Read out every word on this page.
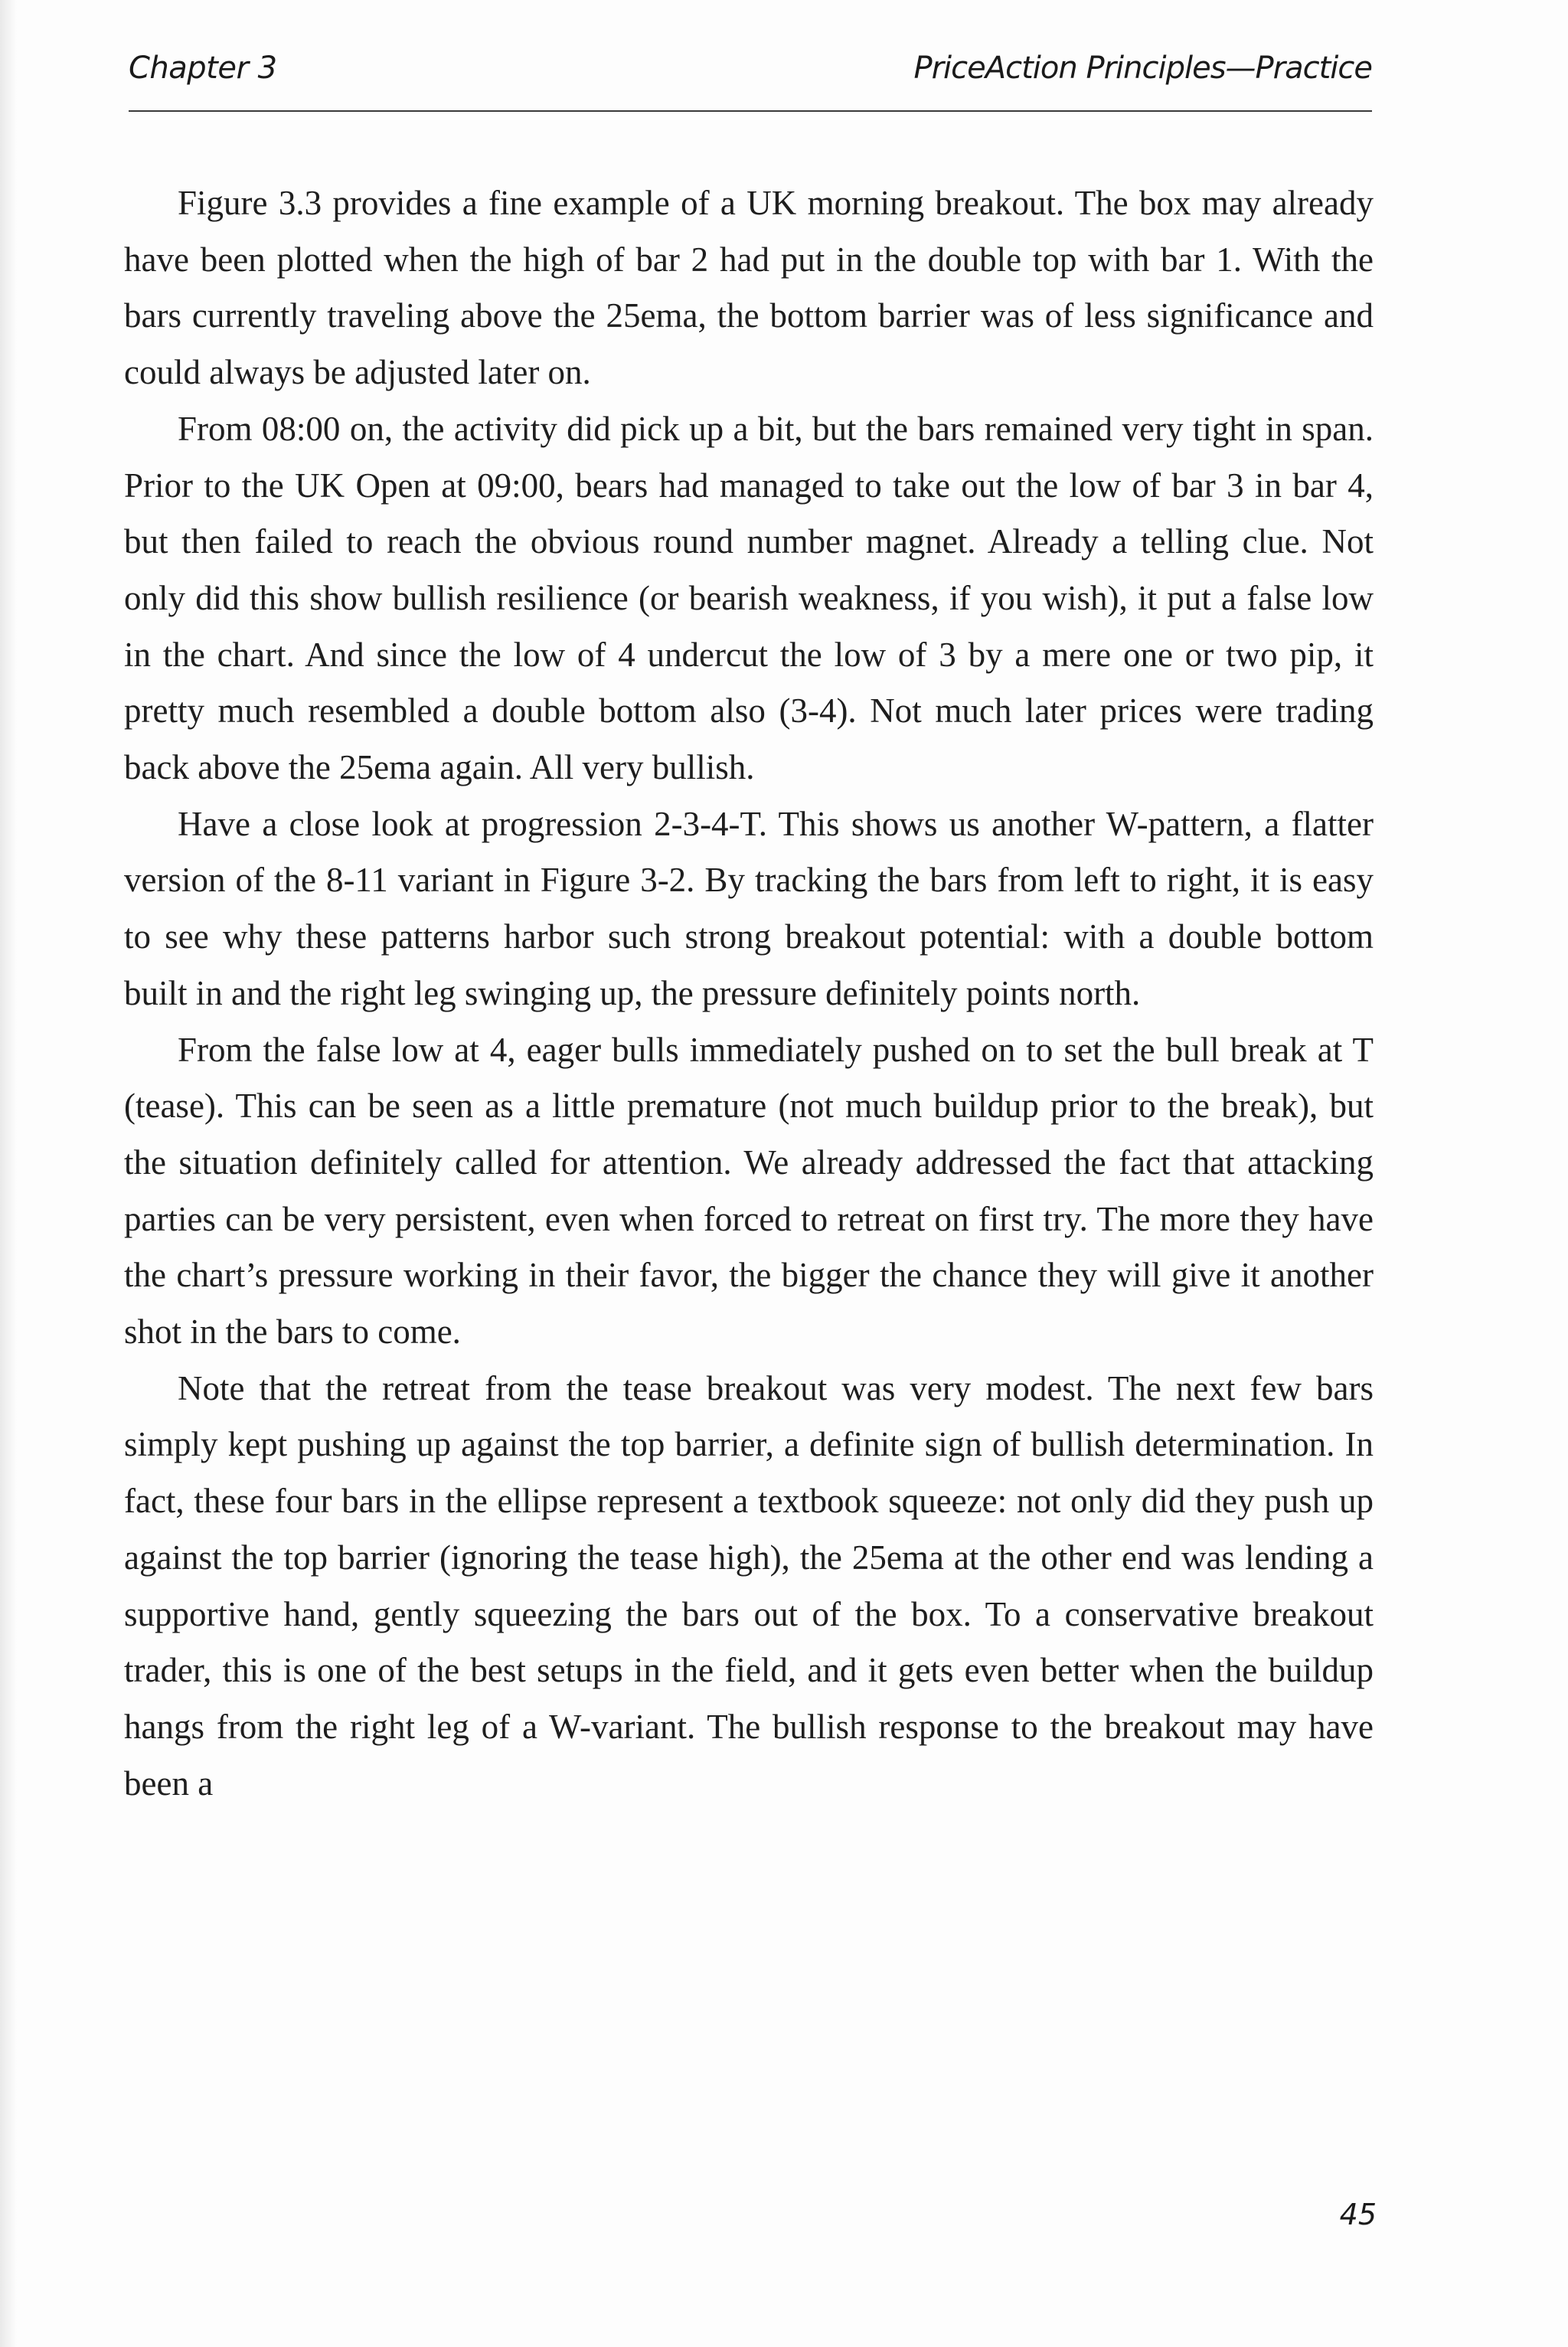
Chapter 3	PriceAction Principles—Practice

Figure 3.3 provides a fine example of a UK morning breakout. The box may already have been plotted when the high of bar 2 had put in the double top with bar 1. With the bars currently traveling above the 25ema, the bottom barrier was of less significance and could always be adjusted later on.

From 08:00 on, the activity did pick up a bit, but the bars remained very tight in span. Prior to the UK Open at 09:00, bears had managed to take out the low of bar 3 in bar 4, but then failed to reach the obvious round number magnet. Already a telling clue. Not only did this show bullish resilience (or bearish weakness, if you wish), it put a false low in the chart. And since the low of 4 undercut the low of 3 by a mere one or two pip, it pretty much resembled a double bottom also (3-4). Not much later prices were trading back above the 25ema again. All very bullish.

Have a close look at progression 2-3-4-T. This shows us another W-pattern, a flatter version of the 8-11 variant in Figure 3-2. By tracking the bars from left to right, it is easy to see why these patterns harbor such strong breakout potential: with a double bottom built in and the right leg swinging up, the pressure definitely points north.

From the false low at 4, eager bulls immediately pushed on to set the bull break at T (tease). This can be seen as a little premature (not much buildup prior to the break), but the situation definitely called for attention. We already addressed the fact that attacking parties can be very persistent, even when forced to retreat on first try. The more they have the chart’s pressure working in their favor, the bigger the chance they will give it another shot in the bars to come.

Note that the retreat from the tease breakout was very modest. The next few bars simply kept pushing up against the top barrier, a definite sign of bullish determination. In fact, these four bars in the ellipse represent a textbook squeeze: not only did they push up against the top barrier (ignoring the tease high), the 25ema at the other end was lending a supportive hand, gently squeezing the bars out of the box. To a conservative breakout trader, this is one of the best setups in the field, and it gets even better when the buildup hangs from the right leg of a W-variant. The bullish response to the breakout may have been a

45
